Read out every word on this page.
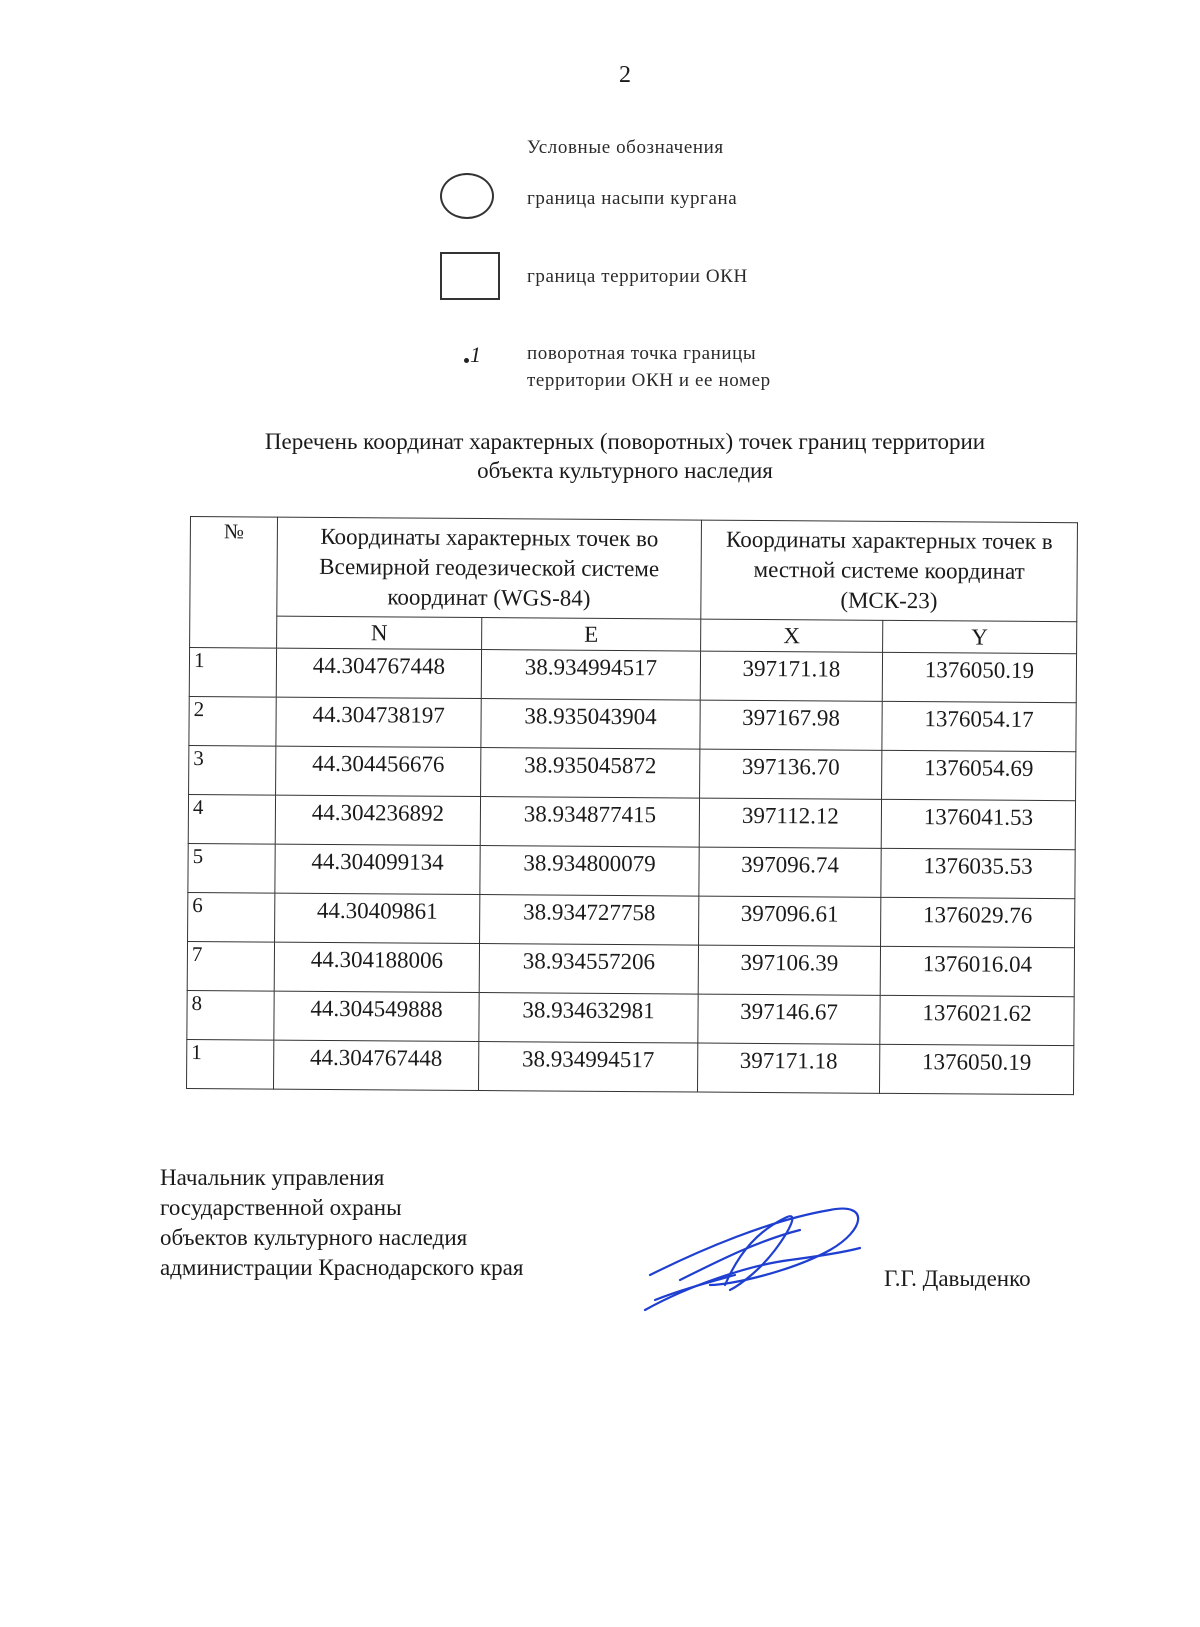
2
Условные обозначения
граница насыпи кургана
граница территории ОКН
1 поворотная точка границы
территории ОКН и ее номер
Перечень координат характерных (поворотных) точек границ территории
объекта культурного наследия
№	Координаты характерных точек во Всемирной геодезической системе координат (WGS-84)		Координаты характерных точек в местной системе координат (МСК-23)	
	N	E	X	Y
1	44.304767448	38.934994517	397171.18	1376050.19
2	44.304738197	38.935043904	397167.98	1376054.17
3	44.304456676	38.935045872	397136.70	1376054.69
4	44.304236892	38.934877415	397112.12	1376041.53
5	44.304099134	38.934800079	397096.74	1376035.53
6	44.30409861	38.934727758	397096.61	1376029.76
7	44.304188006	38.934557206	397106.39	1376016.04
8	44.304549888	38.934632981	397146.67	1376021.62
1	44.304767448	38.934994517	397171.18	1376050.19
Начальник управления
государственной охраны
объектов культурного наследия
администрации Краснодарского края	Г.Г. Давыденко
